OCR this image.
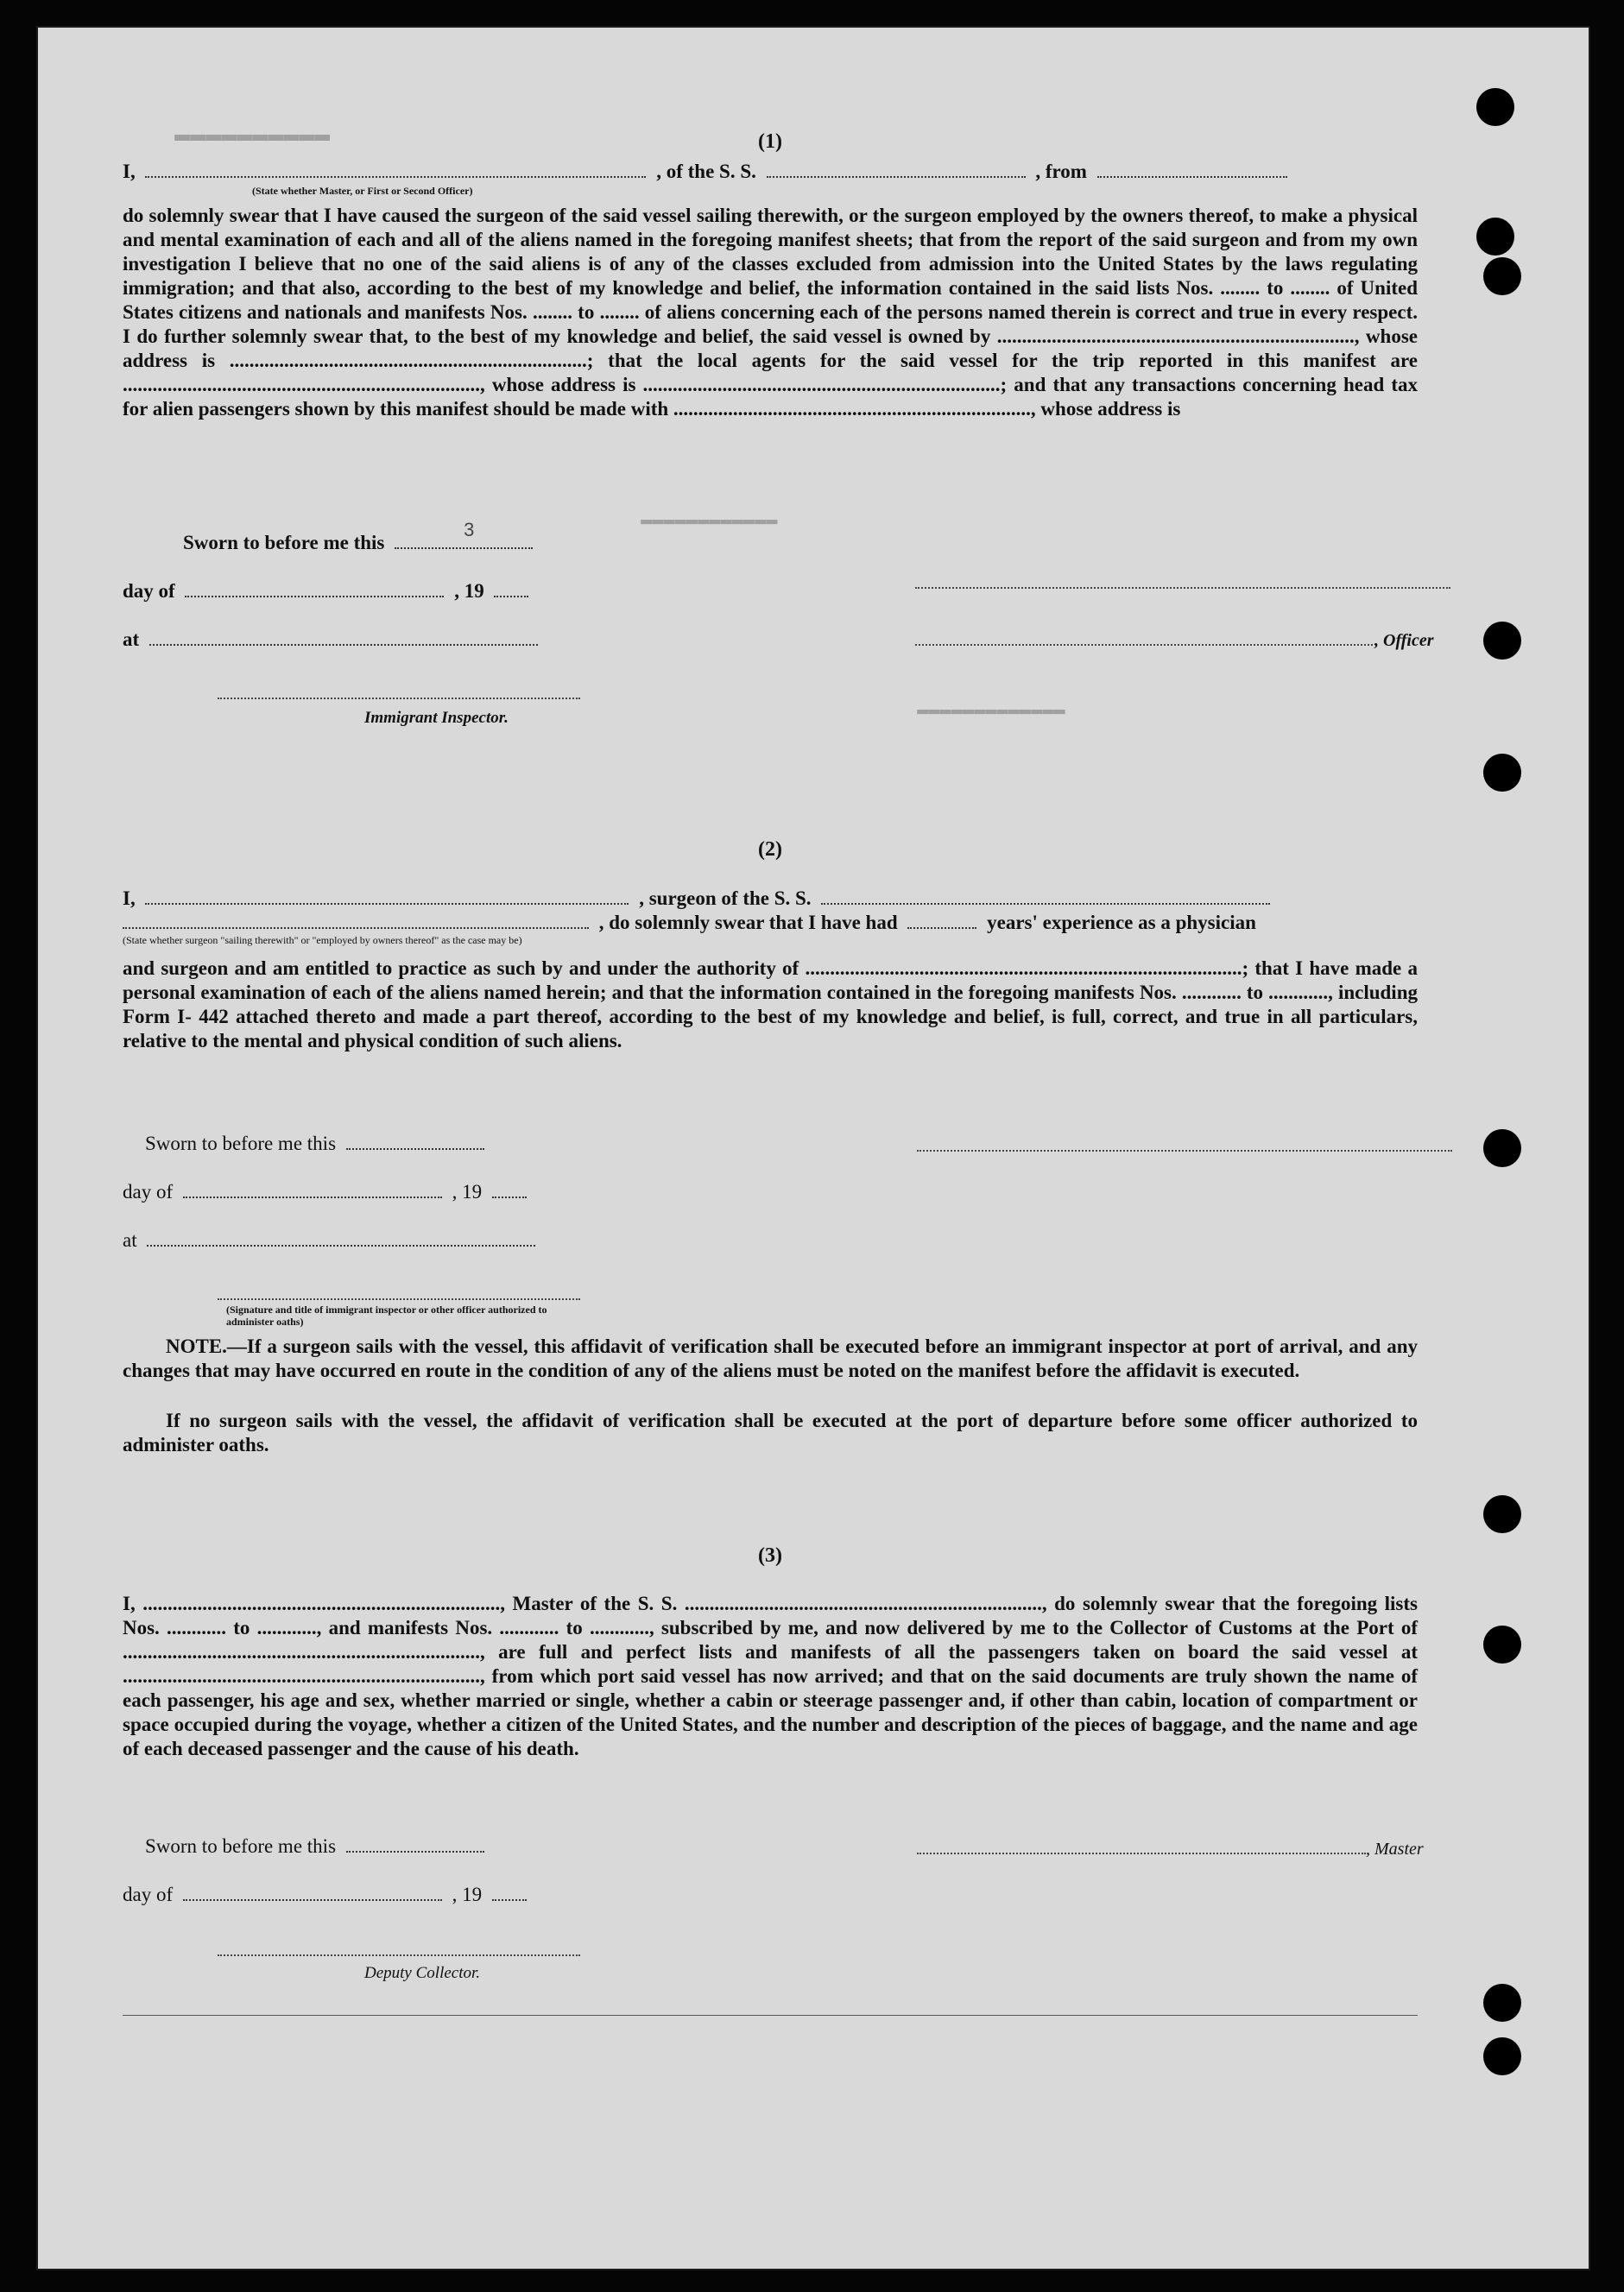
▬▬▬▬▬▬▬▬▬▬
▬▬▬▬▬▬▬▬▬▬▬▬
▬▬▬▬▬▬▬▬▬▬▬▬▬
(1)
I,	, of the S. S.	, from
(State whether Master, or First or Second Officer)
do solemnly swear that I have caused the surgeon of the said vessel sailing therewith, or the surgeon employed by the owners thereof, to make a physical and mental examination of each and all of the aliens named in the foregoing manifest sheets; that from the report of the said surgeon and from my own investigation I believe that no one of the said aliens is of any of the classes excluded from admission into the United States by the laws regulating immigration; and that also, according to the best of my knowledge and belief, the information contained in the said lists Nos. ........ to ........ of United States citizens and nationals and manifests Nos. ........ to ........ of aliens concerning each of the persons named therein is correct and true in every respect. I do further solemnly swear that, to the best of my knowledge and belief, the said vessel is owned by ........................................................................, whose address is ........................................................................; that the local agents for the said vessel for the trip reported in this manifest are ........................................................................, whose address is ........................................................................; and that any transactions concerning head tax for alien passengers shown by this manifest should be made with ........................................................................, whose address is
Sworn to before me this
3
day of	, 19
at	, Officer
Immigrant Inspector.
(2)
I,	, surgeon of the S. S.
, do solemnly swear that I have had	years' experience as a physician
(State whether surgeon "sailing therewith" or "employed by owners thereof" as the case may be)
and surgeon and am entitled to practice as such by and under the authority of ........................................................................................; that I have made a personal examination of each of the aliens named herein; and that the information contained in the foregoing manifests Nos. ............ to ............, including Form I- 442 attached thereto and made a part thereof, according to the best of my knowledge and belief, is full, correct, and true in all particulars, relative to the mental and physical condition of such aliens.
Sworn to before me this
day of	, 19
at
(Signature and title of immigrant inspector or other officer authorized to administer oaths)
NOTE.—If a surgeon sails with the vessel, this affidavit of verification shall be executed before an immigrant inspector at port of arrival, and any changes that may have occurred en route in the condition of any of the aliens must be noted on the manifest before the affidavit is executed.
If no surgeon sails with the vessel, the affidavit of verification shall be executed at the port of departure before some officer authorized to administer oaths.
(3)
I, ........................................................................, Master of the S. S. ........................................................................, do solemnly swear that the foregoing lists Nos. ............ to ............, and manifests Nos. ............ to ............, subscribed by me, and now delivered by me to the Collector of Customs at the Port of ........................................................................, are full and perfect lists and manifests of all the passengers taken on board the said vessel at ........................................................................, from which port said vessel has now arrived; and that on the said documents are truly shown the name of each passenger, his age and sex, whether married or single, whether a cabin or steerage passenger and, if other than cabin, location of compartment or space occupied during the voyage, whether a citizen of the United States, and the number and description of the pieces of baggage, and the name and age of each deceased passenger and the cause of his death.
Sworn to before me this	, Master
day of	, 19
Deputy Collector.
